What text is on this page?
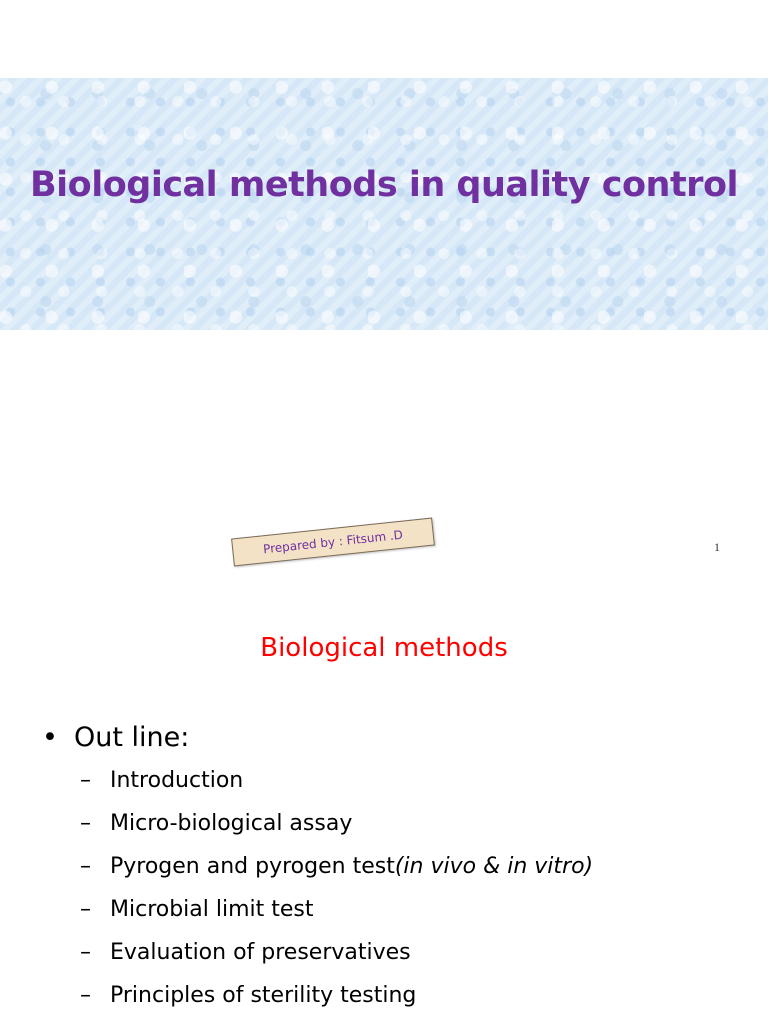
Biological methods in quality control
Prepared by : Fitsum .D	1
Biological methods
• Out line:
– Introduction
– Micro-biological assay
– Pyrogen and pyrogen test(in vivo & in vitro)
– Microbial limit test
– Evaluation of preservatives
– Principles of sterility testing
